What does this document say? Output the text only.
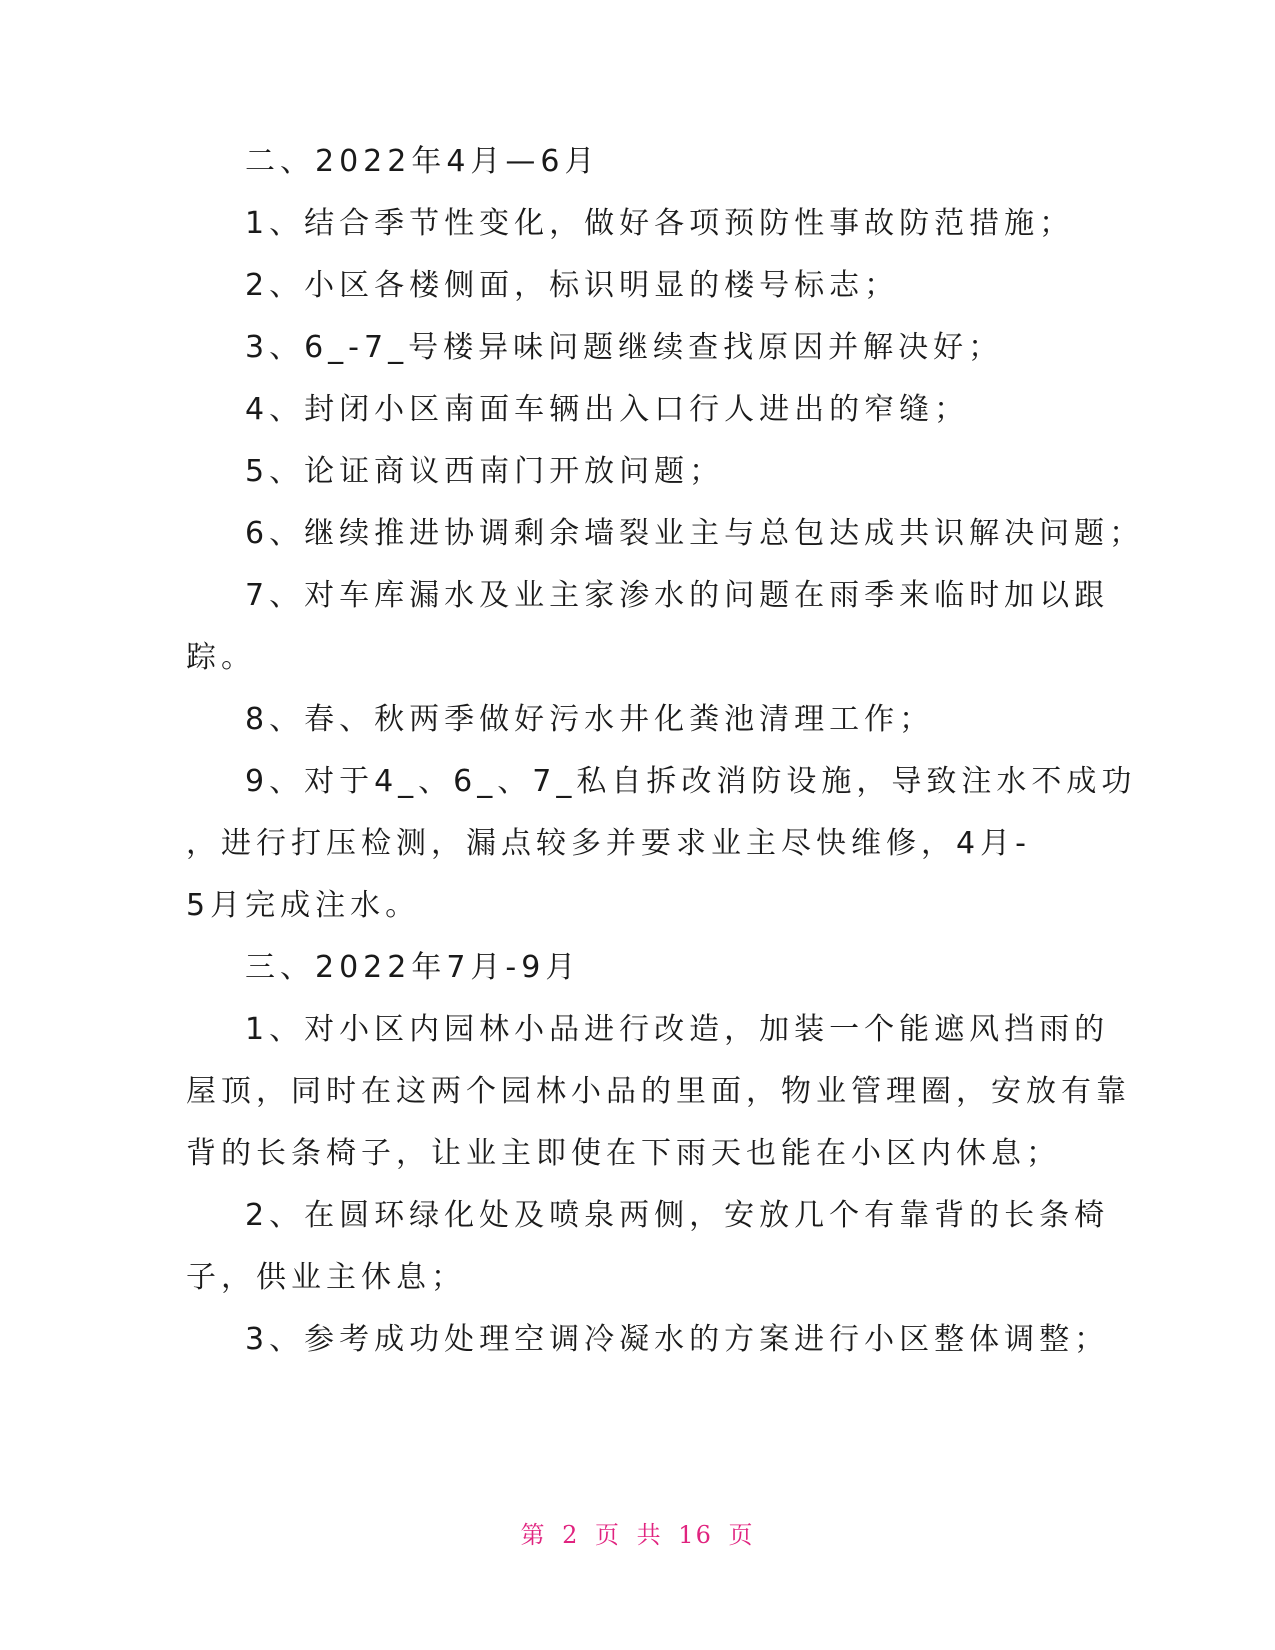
二、2022年4月—6月
1、结合季节性变化，做好各项预防性事故防范措施；
2、小区各楼侧面，标识明显的楼号标志；
3、6_-7_号楼异味问题继续查找原因并解决好；
4、封闭小区南面车辆出入口行人进出的窄缝；
5、论证商议西南门开放问题；
6、继续推进协调剩余墙裂业主与总包达成共识解决问题；
7、对车库漏水及业主家渗水的问题在雨季来临时加以跟
踪。
8、春、秋两季做好污水井化粪池清理工作；
9、对于4_、6_、7_私自拆改消防设施，导致注水不成功
，进行打压检测，漏点较多并要求业主尽快维修，4月-
5月完成注水。
三、2022年7月-9月
1、对小区内园林小品进行改造，加装一个能遮风挡雨的
屋顶，同时在这两个园林小品的里面，物业管理圈，安放有靠
背的长条椅子，让业主即使在下雨天也能在小区内休息；
2、在圆环绿化处及喷泉两侧，安放几个有靠背的长条椅
子，供业主休息；
3、参考成功处理空调冷凝水的方案进行小区整体调整；
第 2 页 共 16 页
